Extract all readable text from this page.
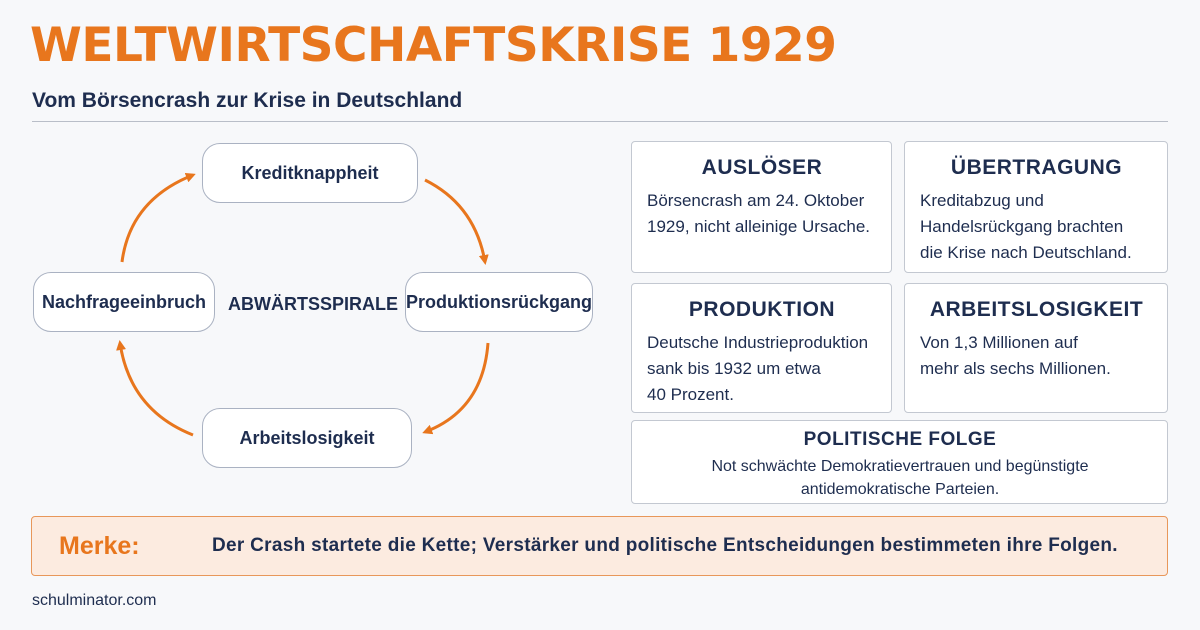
WELTWIRTSCHAFTSKRISE 1929
Vom Börsencrash zur Krise in Deutschland
Kreditknappheit
Produktionsrückgang
Arbeitslosigkeit
Nachfrageeinbruch	ABWÄRTSSPIRALE
AUSLÖSER

Börsencrash am 24. Oktober
1929, nicht alleinige Ursache.

ÜBERTRAGUNG

Kreditabzug und
Handelsrückgang brachten
die Krise nach Deutschland.

PRODUKTION

Deutsche Industrieproduktion
sank bis 1932 um etwa
40 Prozent.

ARBEITSLOSIGKEIT

Von 1,3 Millionen auf
mehr als sechs Millionen.

POLITISCHE FOLGE

Not schwächte Demokratievertrauen und begünstigte
antidemokratische Parteien.

Merke:	Der Crash startete die Kette; Verstärker und politische Entscheidungen bestimmeten ihre Folgen.
schulminator.com
